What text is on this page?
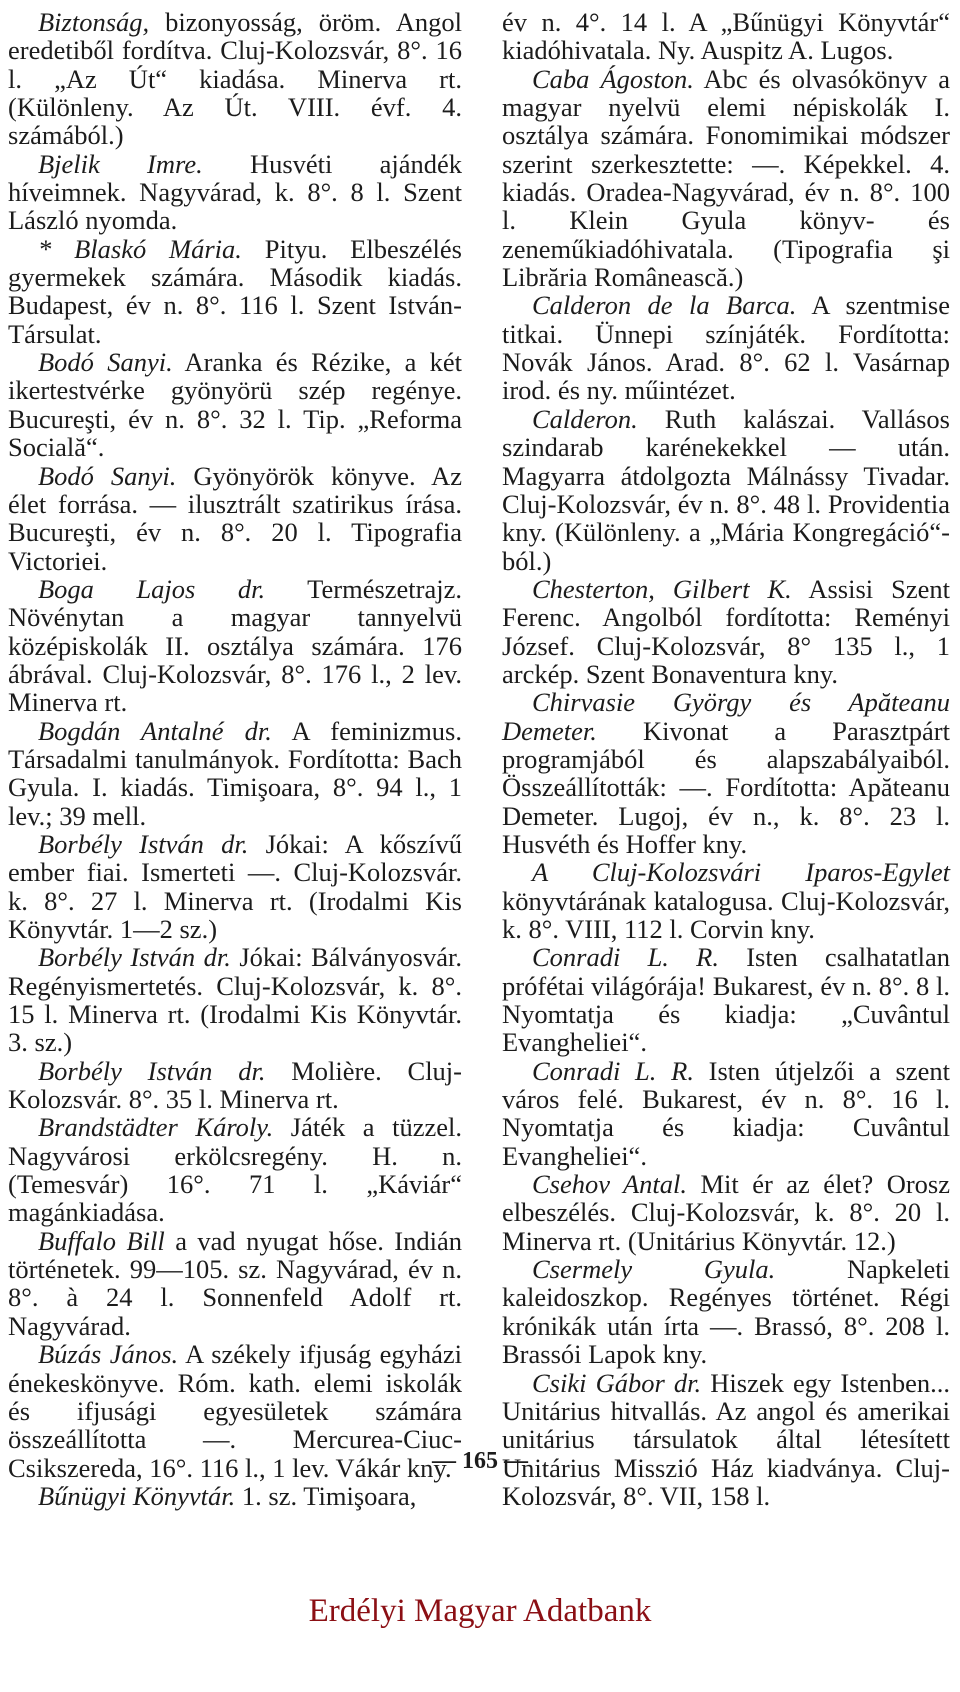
Biztonság, bizonyosság, öröm. Angol eredetiből fordítva. Cluj-Kolozsvár, 8°. 16 l. „Az Út“ kiadása. Minerva rt. (Különleny. Az Út. VIII. évf. 4. számából.)

Bjelik Imre. Husvéti ajándék híveimnek. Nagyvárad, k. 8°. 8 l. Szent László nyomda.

* Blaskó Mária. Pityu. Elbeszélés gyermekek számára. Második kiadás. Budapest, év n. 8°. 116 l. Szent István-Társulat.

Bodó Sanyi. Aranka és Rézike, a két ikertestvérke gyönyörü szép regénye. Bucureşti, év n. 8°. 32 l. Tip. „Reforma Socială“.

Bodó Sanyi. Gyönyörök könyve. Az élet forrása. — ilusztrált szatirikus írása. Bucureşti, év n. 8°. 20 l. Tipografia Victoriei.

Boga Lajos dr. Természetrajz. Növénytan a magyar tannyelvü középiskolák II. osztálya számára. 176 ábrával. Cluj-Kolozsvár, 8°. 176 l., 2 lev. Minerva rt.

Bogdán Antalné dr. A feminizmus. Társadalmi tanulmányok. Fordította: Bach Gyula. I. kiadás. Timişoara, 8°. 94 l., 1 lev.; 39 mell.

Borbély István dr. Jókai: A kőszívű ember fiai. Ismerteti —. Cluj-Kolozsvár. k. 8°. 27 l. Minerva rt. (Irodalmi Kis Könyvtár. 1—2 sz.)

Borbély István dr. Jókai: Bálványosvár. Regényismertetés. Cluj-Kolozsvár, k. 8°. 15 l. Minerva rt. (Irodalmi Kis Könyvtár. 3. sz.)

Borbély István dr. Molière. Cluj-Kolozsvár. 8°. 35 l. Minerva rt.

Brandstädter Károly. Játék a tüzzel. Nagyvárosi erkölcsregény. H. n. (Temesvár) 16°. 71 l. „Káviár“ magánkiadása.

Buffalo Bill a vad nyugat hőse. Indián történetek. 99—105. sz. Nagyvárad, év n. 8°. à 24 l. Sonnenfeld Adolf rt. Nagyvárad.

Búzás János. A székely ifjuság egyházi énekeskönyve. Róm. kath. elemi iskolák és ifjusági egyesületek számára összeállította —. Mercurea-Ciuc-Csikszereda, 16°. 116 l., 1 lev. Vákár kny.

Bűnügyi Könyvtár. 1. sz. Timişoara,

év n. 4°. 14 l. A „Bűnügyi Könyvtár“ kiadóhivatala. Ny. Auspitz A. Lugos.

Caba Ágoston. Abc és olvasókönyv a magyar nyelvü elemi népiskolák I. osztálya számára. Fonomimikai módszer szerint szerkesztette: —. Képekkel. 4. kiadás. Oradea-Nagyvárad, év n. 8°. 100 l. Klein Gyula könyv- és zeneműkiadóhivatala. (Tipografia şi Librăria Românească.)

Calderon de la Barca. A szentmise titkai. Ünnepi színjáték. Fordította: Novák János. Arad. 8°. 62 l. Vasárnap irod. és ny. műintézet.

Calderon. Ruth kalászai. Vallásos szindarab karénekekkel — után. Magyarra átdolgozta Málnássy Tivadar. Cluj-Kolozsvár, év n. 8°. 48 l. Providentia kny. (Különleny. a „Mária Kongregáció“-ból.)

Chesterton, Gilbert K. Assisi Szent Ferenc. Angolból fordította: Reményi József. Cluj-Kolozsvár, 8° 135 l., 1 arckép. Szent Bonaventura kny.

Chirvasie György és Apăteanu Demeter. Kivonat a Parasztpárt programjából és alapszabályaiból. Összeállították: —. Fordította: Apăteanu Demeter. Lugoj, év n., k. 8°. 23 l. Husvéth és Hoffer kny.

A Cluj-Kolozsvári Iparos-Egylet könyvtárának katalogusa. Cluj-Kolozsvár, k. 8°. VIII, 112 l. Corvin kny.

Conradi L. R. Isten csalhatatlan prófétai világórája! Bukarest, év n. 8°. 8 l. Nyomtatja és kiadja: „Cuvântul Evangheliei“.

Conradi L. R. Isten útjelzői a szent város felé. Bukarest, év n. 8°. 16 l. Nyomtatja és kiadja: Cuvântul Evangheliei“.

Csehov Antal. Mit ér az élet? Orosz elbeszélés. Cluj-Kolozsvár, k. 8°. 20 l. Minerva rt. (Unitárius Könyvtár. 12.)

Csermely Gyula.	Napkeleti kaleidoszkop. Regényes történet. Régi krónikák után írta —. Brassó, 8°. 208 l. Brassói Lapok kny.

Csiki Gábor dr. Hiszek egy Istenben... Unitárius hitvallás. Az angol és amerikai unitárius társulatok által létesített Unitárius Misszió Ház kiadványa. Cluj-Kolozsvár, 8°. VII, 158 l.

— 165 —
Erdélyi Magyar Adatbank
